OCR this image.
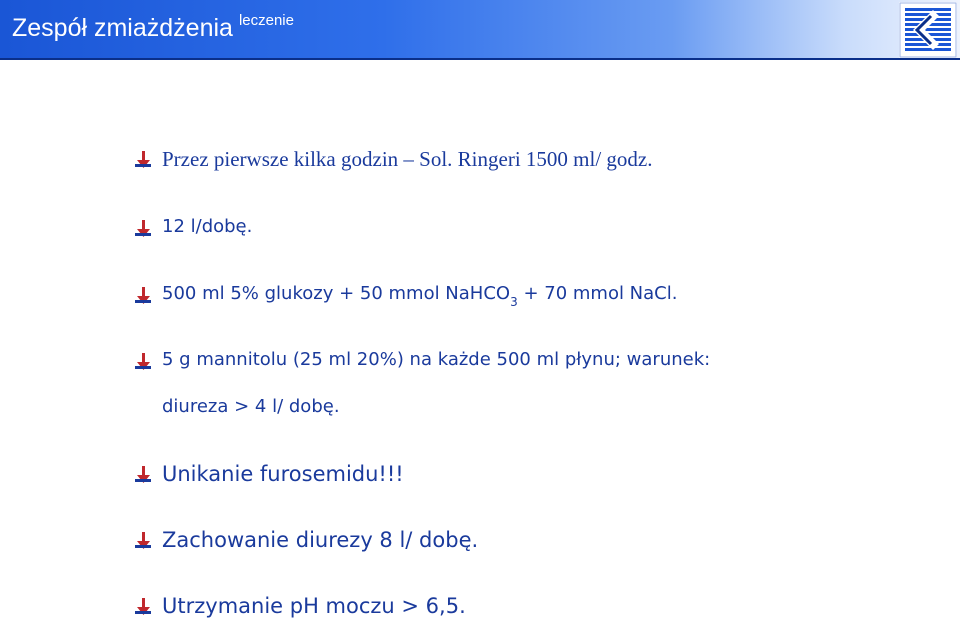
Zespół zmiażdżenia $^{leczenie}$
Przez pierwsze kilka godzin – Sol. Ringeri 1500 ml/ godz.
12 l/dobę.
500 ml 5% glukozy + 50 mmol NaHCO$_3$ + 70 mmol NaCl.
5 g mannitolu (25 ml 20%) na każde 500 ml płynu; warunek:
diureza > 4 l/ dobę.
Unikanie furosemidu!!!
Zachowanie diurezy 8 l/ dobę.
Utrzymanie pH moczu > 6,5.
